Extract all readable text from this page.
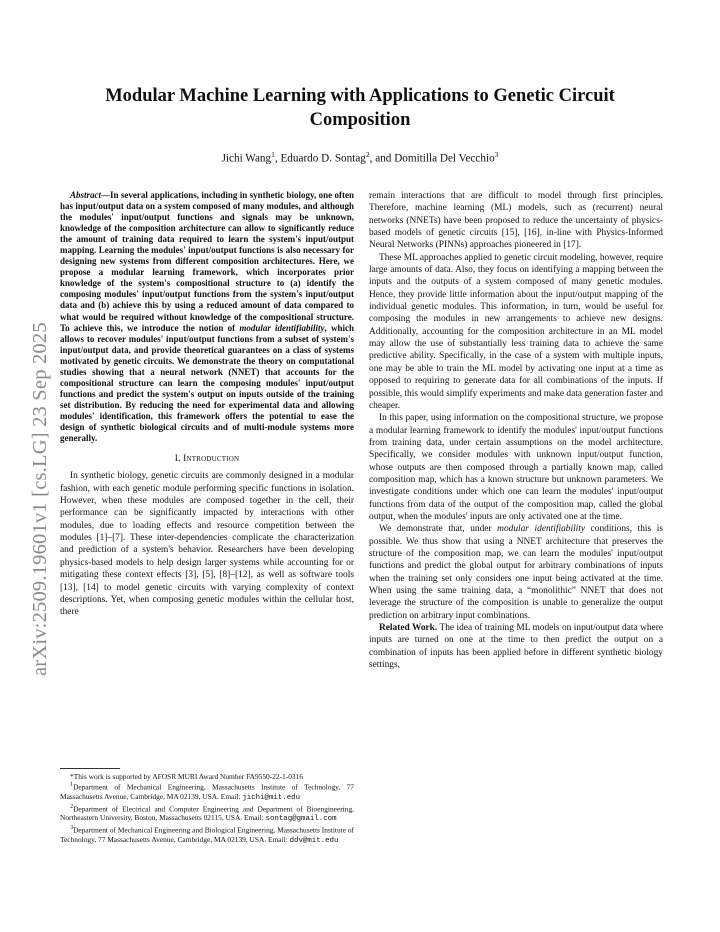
arXiv:2509.19601v1 [cs.LG] 23 Sep 2025
Modular Machine Learning with Applications to Genetic Circuit Composition
Jichi Wang$^1$, Eduardo D. Sontag$^2$, and Domitilla Del Vecchio$^3$

Abstract—In several applications, including in synthetic biology, one often has input/output data on a system composed of many modules, and although the modules' input/output functions and signals may be unknown, knowledge of the composition architecture can allow to significantly reduce the amount of training data required to learn the system's input/output mapping. Learning the modules' input/output functions is also necessary for designing new systems from different composition architectures. Here, we propose a modular learning framework, which incorporates prior knowledge of the system's compositional structure to (a) identify the composing modules' input/output functions from the system's input/output data and (b) achieve this by using a reduced amount of data compared to what would be required without knowledge of the compositional structure. To achieve this, we introduce the notion of modular identifiability, which allows to recover modules' input/output functions from a subset of system's input/output data, and provide theoretical guarantees on a class of systems motivated by genetic circuits. We demonstrate the theory on computational studies showing that a neural network (NNET) that accounts for the compositional structure can learn the composing modules' input/output functions and predict the system's output on inputs outside of the training set distribution. By reducing the need for experimental data and allowing modules' identification, this framework offers the potential to ease the design of synthetic biological circuits and of multi-module systems more generally.

I. Introduction

In synthetic biology, genetic circuits are commonly designed in a modular fashion, with each genetic module performing specific functions in isolation. However, when these modules are composed together in the cell, their performance can be significantly impacted by interactions with other modules, due to loading effects and resource competition between the modules [1]–[7]. These inter-dependencies complicate the characterization and prediction of a system's behavior. Researchers have been developing physics-based models to help design larger systems while accounting for or mitigating these context effects [3], [5], [8]–[12], as well as software tools [13], [14] to model genetic circuits with varying complexity of context descriptions. Yet, when composing genetic modules within the cellular host, there

*This work is supported by AFOSR MURI Award Number FA9550-22-1-0316

$^1$Department of Mechanical Engineering, Massachusetts Institute of Technology, 77 Massachusetts Avenue, Cambridge, MA 02139, USA. Email: jichi@mit.edu

$^2$Department of Electrical and Computer Engineering and Department of Bioengineering, Northeastern University, Boston, Massachusetts 02115, USA. Email: sontag@gmail.com

$^3$Department of Mechanical Engineering and Biological Engineering, Massachusetts Institute of Technology, 77 Massachusetts Avenue, Cambridge, MA 02139, USA. Email: ddv@mit.edu

remain interactions that are difficult to model through first principles. Therefore, machine learning (ML) models, such as (recurrent) neural networks (NNETs) have been proposed to reduce the uncertainty of physics-based models of genetic circuits [15], [16], in-line with Physics-Informed Neural Networks (PINNs) approaches pioneered in [17].

These ML approaches applied to genetic circuit modeling, however, require large amounts of data. Also, they focus on identifying a mapping between the inputs and the outputs of a system composed of many genetic modules. Hence, they provide little information about the input/output mapping of the individual genetic modules. This information, in turn, would be useful for composing the modules in new arrangements to achieve new designs. Additionally, accounting for the composition architecture in an ML model may allow the use of substantially less training data to achieve the same predictive ability. Specifically, in the case of a system with multiple inputs, one may be able to train the ML model by activating one input at a time as opposed to requiring to generate data for all combinations of the inputs. If possible, this would simplify experiments and make data generation faster and cheaper.

In this paper, using information on the compositional structure, we propose a modular learning framework to identify the modules' input/output functions from training data, under certain assumptions on the model architecture. Specifically, we consider modules with unknown input/output function, whose outputs are then composed through a partially known map, called composition map, which has a known structure but unknown parameters. We investigate conditions under which one can learn the modules' input/output functions from data of the output of the composition map, called the global output, when the modules' inputs are only activated one at the time.

We demonstrate that, under modular identifiability conditions, this is possible. We thus show that using a NNET architecture that preserves the structure of the composition map, we can learn the modules' input/output functions and predict the global output for arbitrary combinations of inputs when the training set only considers one input being activated at the time. When using the same training data, a “monolithic” NNET that does not leverage the structure of the composition is unable to generalize the output prediction on arbitrary input combinations.

Related Work. The idea of training ML models on input/output data where inputs are turned on one at the time to then predict the output on a combination of inputs has been applied before in different synthetic biology settings,
